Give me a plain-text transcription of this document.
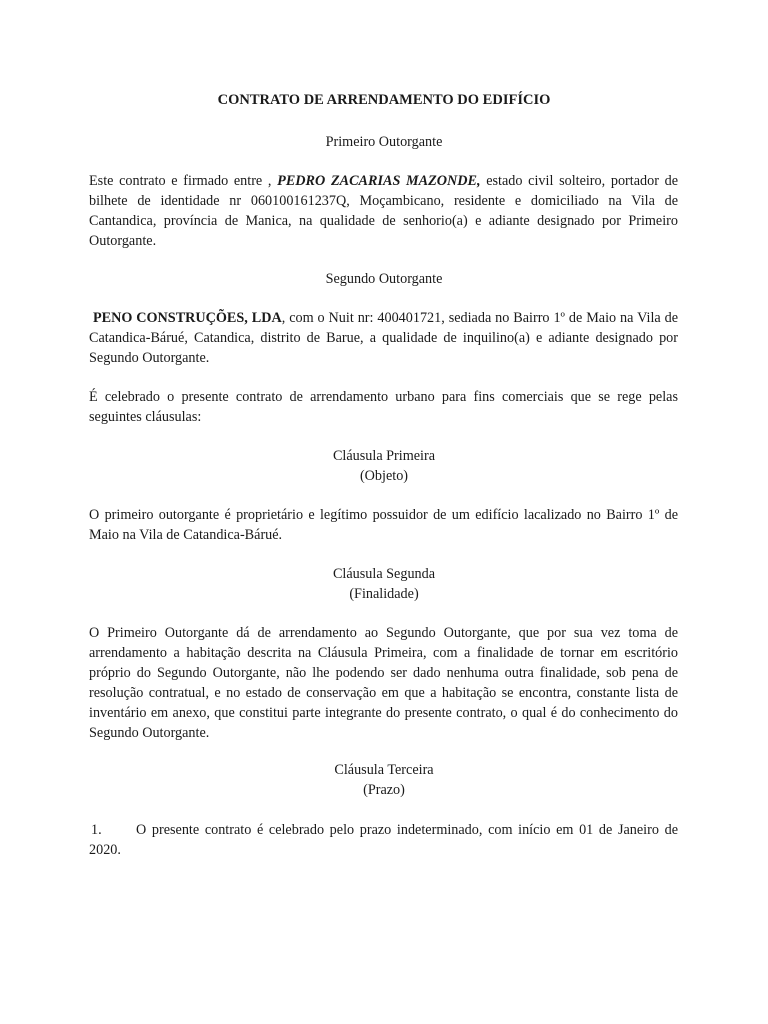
CONTRATO DE ARRENDAMENTO DO EDIFÍCIO
Primeiro Outorgante
Este contrato e firmado entre , PEDRO ZACARIAS MAZONDE, estado civil solteiro, portador de bilhete de identidade nr 060100161237Q, Moçambicano, residente e domiciliado na Vila de Cantandica, província de Manica, na qualidade de senhorio(a) e adiante designado por Primeiro Outorgante.
Segundo Outorgante
PENO CONSTRUÇÕES, LDA, com o Nuit nr: 400401721, sediada no Bairro 1º de Maio na Vila de Catandica-Bárué, Catandica, distrito de Barue, a qualidade de inquilino(a) e adiante designado por Segundo Outorgante.
É celebrado o presente contrato de arrendamento urbano para fins comerciais que se rege pelas seguintes cláusulas:
Cláusula Primeira
(Objeto)
O primeiro outorgante é proprietário e legítimo possuidor de um edifício lacalizado no Bairro 1º de Maio na Vila de Catandica-Bárué.
Cláusula Segunda
(Finalidade)
O Primeiro Outorgante dá de arrendamento ao Segundo Outorgante, que por sua vez toma de arrendamento a habitação descrita na Cláusula Primeira, com a finalidade de tornar em escritório próprio do Segundo Outorgante, não lhe podendo ser dado nenhuma outra finalidade, sob pena de resolução contratual, e no estado de conservação em que a habitação se encontra, constante lista de inventário em anexo, que constitui parte integrante do presente contrato, o qual é do conhecimento do Segundo Outorgante.
Cláusula Terceira
(Prazo)
1. O presente contrato é celebrado pelo prazo indeterminado, com início em 01 de Janeiro de 2020.
